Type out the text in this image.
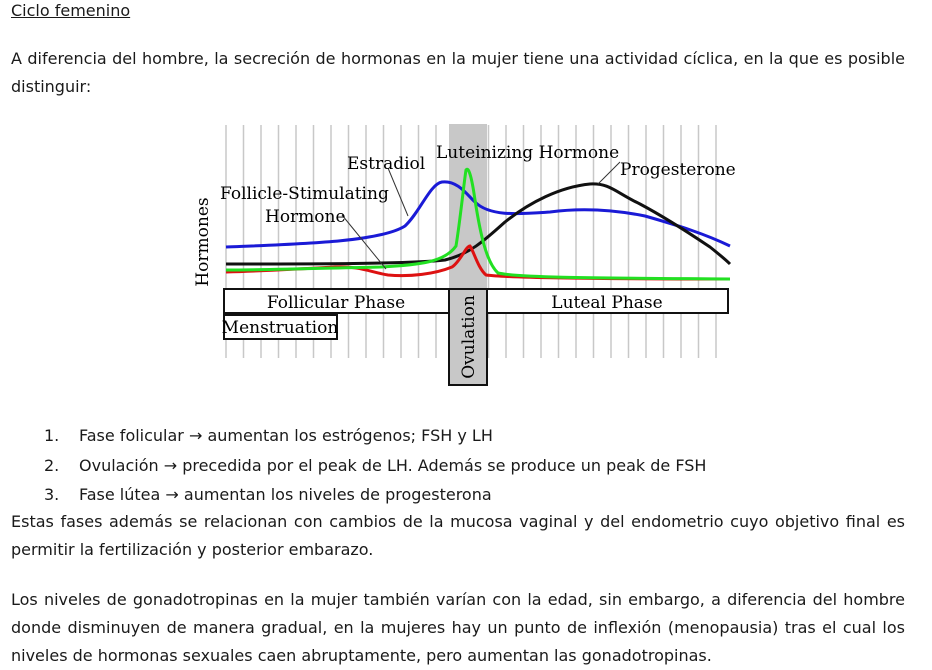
Ciclo femenino

A diferencia del hombre, la secreción de hormonas en la mujer tiene una actividad cíclica, en la que es posible distinguir:

Hormones
Estradiol
Luteinizing Hormone
Progesterone
Follicle-Stimulating
Hormone
Follicular Phase	Luteal Phase
Menstruation	Ovulation
1. Fase folicular → aumentan los estrógenos; FSH y LH
2. Ovulación → precedida por el peak de LH. Además se produce un peak de FSH
3. Fase lútea → aumentan los niveles de progesterona

Estas fases además se relacionan con cambios de la mucosa vaginal y del endometrio cuyo objetivo final es permitir la fertilización y posterior embarazo.

Los niveles de gonadotropinas en la mujer también varían con la edad, sin embargo, a diferencia del hombre donde disminuyen de manera gradual, en la mujeres hay un punto de inflexión (menopausia) tras el cual los niveles de hormonas sexuales caen abruptamente, pero aumentan las gonadotropinas.
